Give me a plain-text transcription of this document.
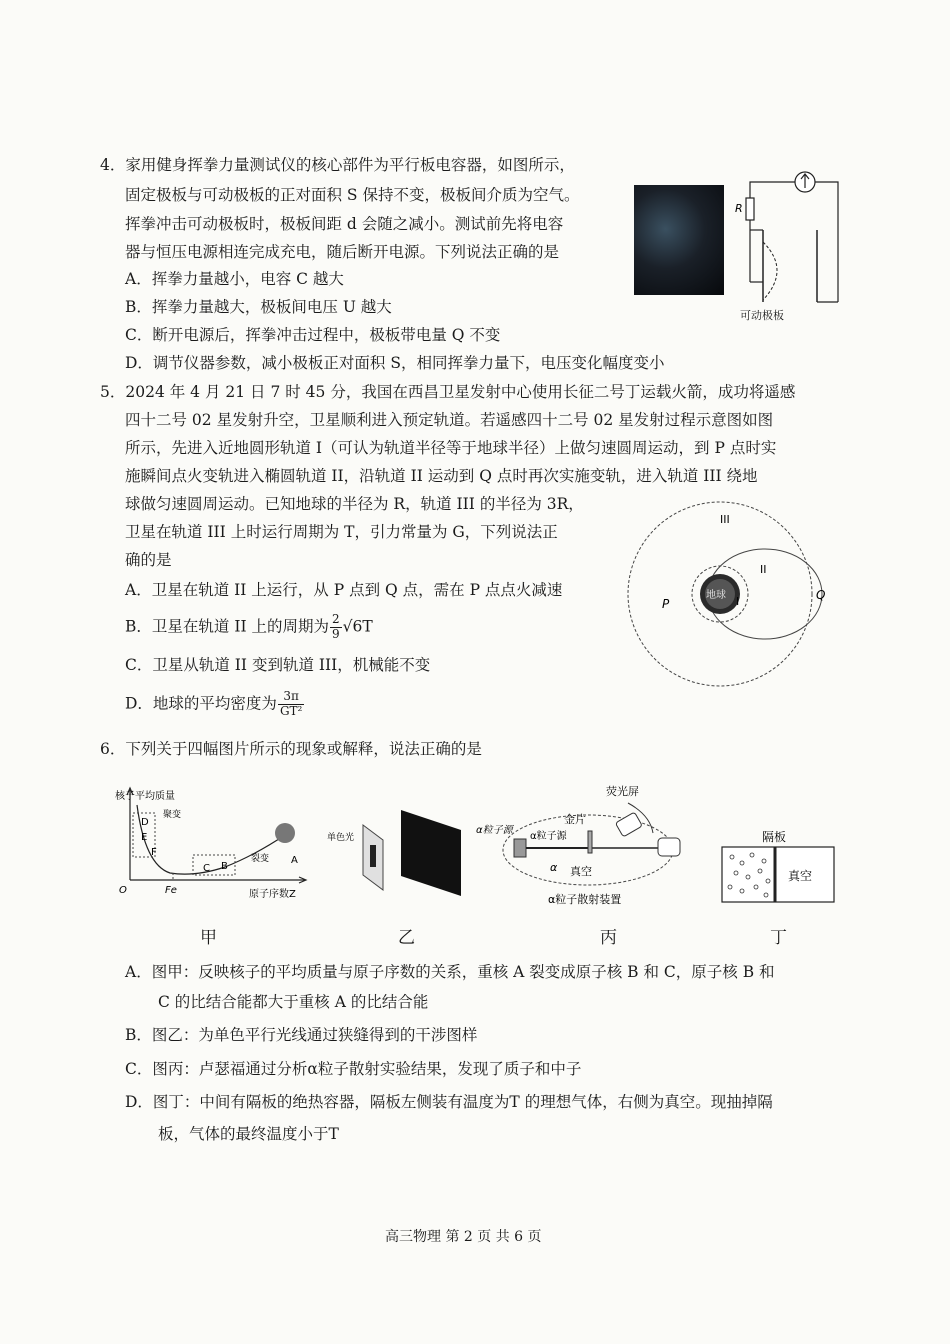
4．家用健身挥拳力量测试仪的核心部件为平行板电容器，如图所示，
固定极板与可动极板的正对面积 S 保持不变，极板间介质为空气。
挥拳冲击可动极板时，极板间距 d 会随之减小。测试前先将电容
器与恒压电源相连完成充电，随后断开电源。下列说法正确的是
A．挥拳力量越小，电容 C 越大
B．挥拳力量越大，极板间电压 U 越大
C．断开电源后，挥拳冲击过程中，极板带电量 Q 不变
D．调节仪器参数，减小极板正对面积 S，相同挥拳力量下，电压变化幅度变小
R
可动极板
5．2024 年 4 月 21 日 7 时 45 分，我国在西昌卫星发射中心使用长征二号丁运载火箭，成功将遥感
四十二号 02 星发射升空，卫星顺利进入预定轨道。若遥感四十二号 02 星发射过程示意图如图
所示，先进入近地圆形轨道 I（可认为轨道半径等于地球半径）上做匀速圆周运动，到 P 点时实
施瞬间点火变轨进入椭圆轨道 II，沿轨道 II 运动到 Q 点时再次实施变轨，进入轨道 III 绕地
球做匀速圆周运动。已知地球的半径为 R，轨道 III 的半径为 3R，
卫星在轨道 III 上时运行周期为 T，引力常量为 G，下列说法正
确的是
A．卫星在轨道 II 上运行，从 P 点到 Q 点，需在 P 点点火减速
B．卫星在轨道 II 上的周期为 $\frac{2}{9} √6T$
C．卫星从轨道 II 变到轨道 III，机械能不变
D．地球的平均密度为 $\frac{3\pi}{\text{GT²}}$
地球
III
II
I
P
Q
6．下列关于四幅图片所示的现象或解释，说法正确的是
核子平均质量
原子序数Z
O	Fe
D
E
F
C B
A
聚变
裂变
单色光
荧光屏
金片
α粒子源
α粒子源
真空
α
α粒子散射装置
隔板
真空
甲	乙	丙	丁
A．图甲：反映核子的平均质量与原子序数的关系，重核 A 裂变成原子核 B 和 C，原子核 B 和
C 的比结合能都大于重核 A 的比结合能
B．图乙：为单色平行光线通过狭缝得到的干涉图样
C．图丙：卢瑟福通过分析α粒子散射实验结果，发现了质子和中子
D．图丁：中间有隔板的绝热容器，隔板左侧装有温度为T 的理想气体，右侧为真空。现抽掉隔
板，气体的最终温度小于T
高三物理 第 2 页 共 6 页
